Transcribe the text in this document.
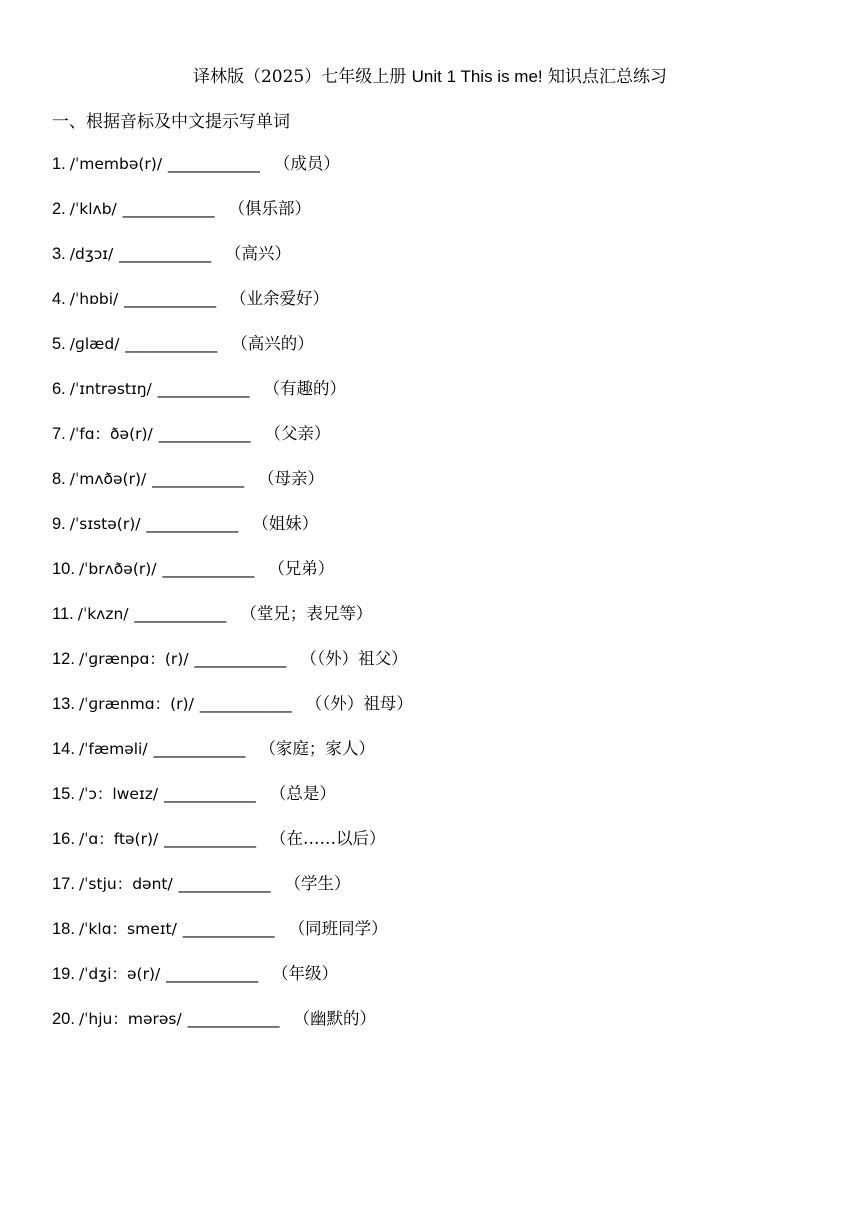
译林版（2025）七年级上册 Unit 1 This is me! 知识点汇总练习
一、根据音标及中文提示写单词
1. /ˈmembə(r)/ __________ （成员）
2. /ˈklʌb/ __________ （俱乐部）
3. /dʒɔɪ/ __________ （高兴）
4. /ˈhɒbi/ __________ （业余爱好）
5. /ɡlæd/ __________ （高兴的）
6. /ˈɪntrəstɪŋ/ __________ （有趣的）
7. /ˈfɑ：ðə(r)/ __________ （父亲）
8. /ˈmʌðə(r)/ __________ （母亲）
9. /ˈsɪstə(r)/ __________ （姐妹）
10. /ˈbrʌðə(r)/ __________ （兄弟）
11. /ˈkʌzn/ __________ （堂兄；表兄等）
12. /ˈɡrænpɑ：(r)/ __________ （（外）祖父）
13. /ˈɡrænmɑ：(r)/ __________ （（外）祖母）
14. /ˈfæməli/ __________ （家庭；家人）
15. /ˈɔ：lweɪz/ __________ （总是）
16. /ˈɑ：ftə(r)/ __________ （在……以后）
17. /ˈstju：dənt/ __________ （学生）
18. /ˈklɑ：smeɪt/ __________ （同班同学）
19. /ˈdʒi：ə(r)/ __________ （年级）
20. /ˈhju：mərəs/ __________ （幽默的）
